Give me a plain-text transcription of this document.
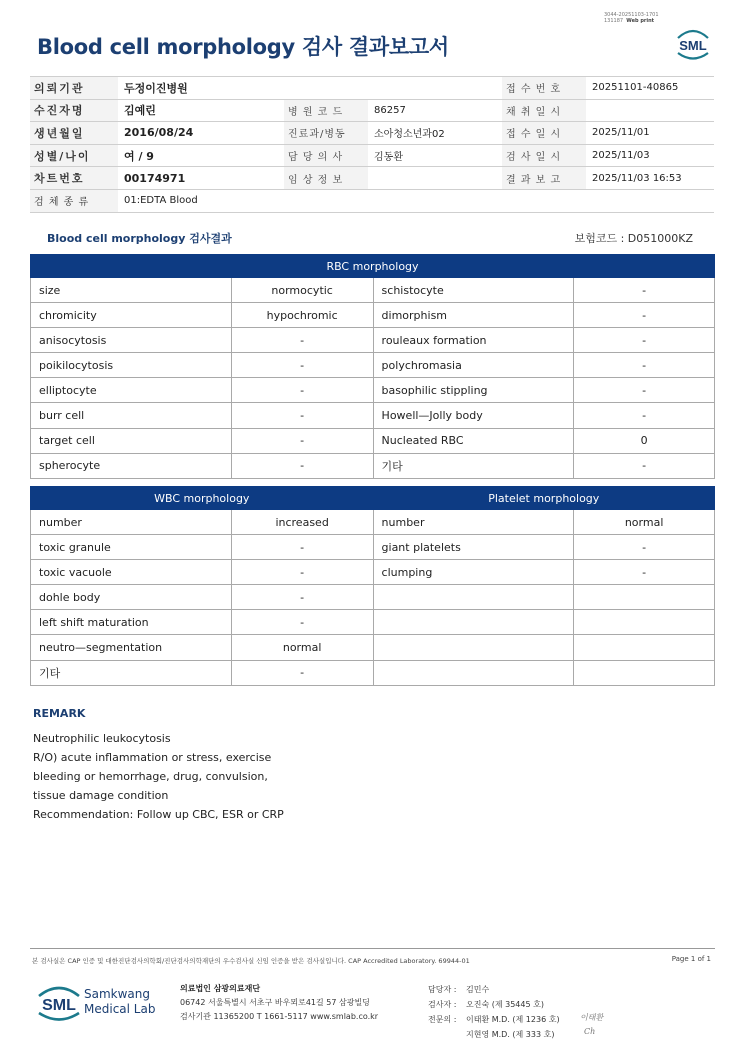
3044-20251103-1701
131187 Web print
Blood cell morphology 검사 결과보고서	SML
의뢰기관	두정이진병원			접 수 번 호	20251101-40865
수진자명	김예린	병 원 코 드	86257	채 취 일 시	
생년월일	2016/08/24	진료과/병동	소아청소년과02	접 수 일 시	2025/11/01
성별/나이	여 / 9	담 당 의 사	김동환	검 사 일 시	2025/11/03
차트번호	00174971	임 상 정 보		결 과 보 고	2025/11/03 16:53
검 체 종 류	01:EDTA Blood				
Blood cell morphology 검사결과	보험코드 : D051000KZ
RBC morphology			
size	normocytic	schistocyte	-
chromicity	hypochromic	dimorphism	-
anisocytosis	-	rouleaux formation	-
poikilocytosis	-	polychromasia	-
elliptocyte	-	basophilic stippling	-
burr cell	-	Howell—Jolly body	-
target cell	-	Nucleated RBC	0
spherocyte	-	기타	-
WBC morphology		Platelet morphology	
number	increased	number	normal
toxic granule	-	giant platelets	-
toxic vacuole	-	clumping	-
dohle body	-		
left shift maturation	-		
neutro—segmentation	normal		
기타	-		
REMARK
Neutrophilic leukocytosis
R/O) acute inflammation or stress, exercise
bleeding or hemorrhage, drug, convulsion,
tissue damage condition
Recommendation: Follow up CBC, ESR or CRP
본 검사실은 CAP 인증 및 대한진단검사의학회/진단검사의학재단의 우수검사실 신임 인증을 받은 검사실입니다. CAP Accredited Laboratory. 69944-01	Page 1 of 1
SML
Samkwang
Medical Lab
의료법인 삼광의료재단
06742 서울특별시 서초구 바우뫼로41길 57 삼광빌딩
검사기관 11365200 T 1661-5117 www.smlab.co.kr
담당자 :	김민수
검사자 :	오진숙 (제 35445 호)
전문의 :	이태환 M.D. (제 1236 호)
지현영 M.D. (제 333 호)
이태환
Ch
